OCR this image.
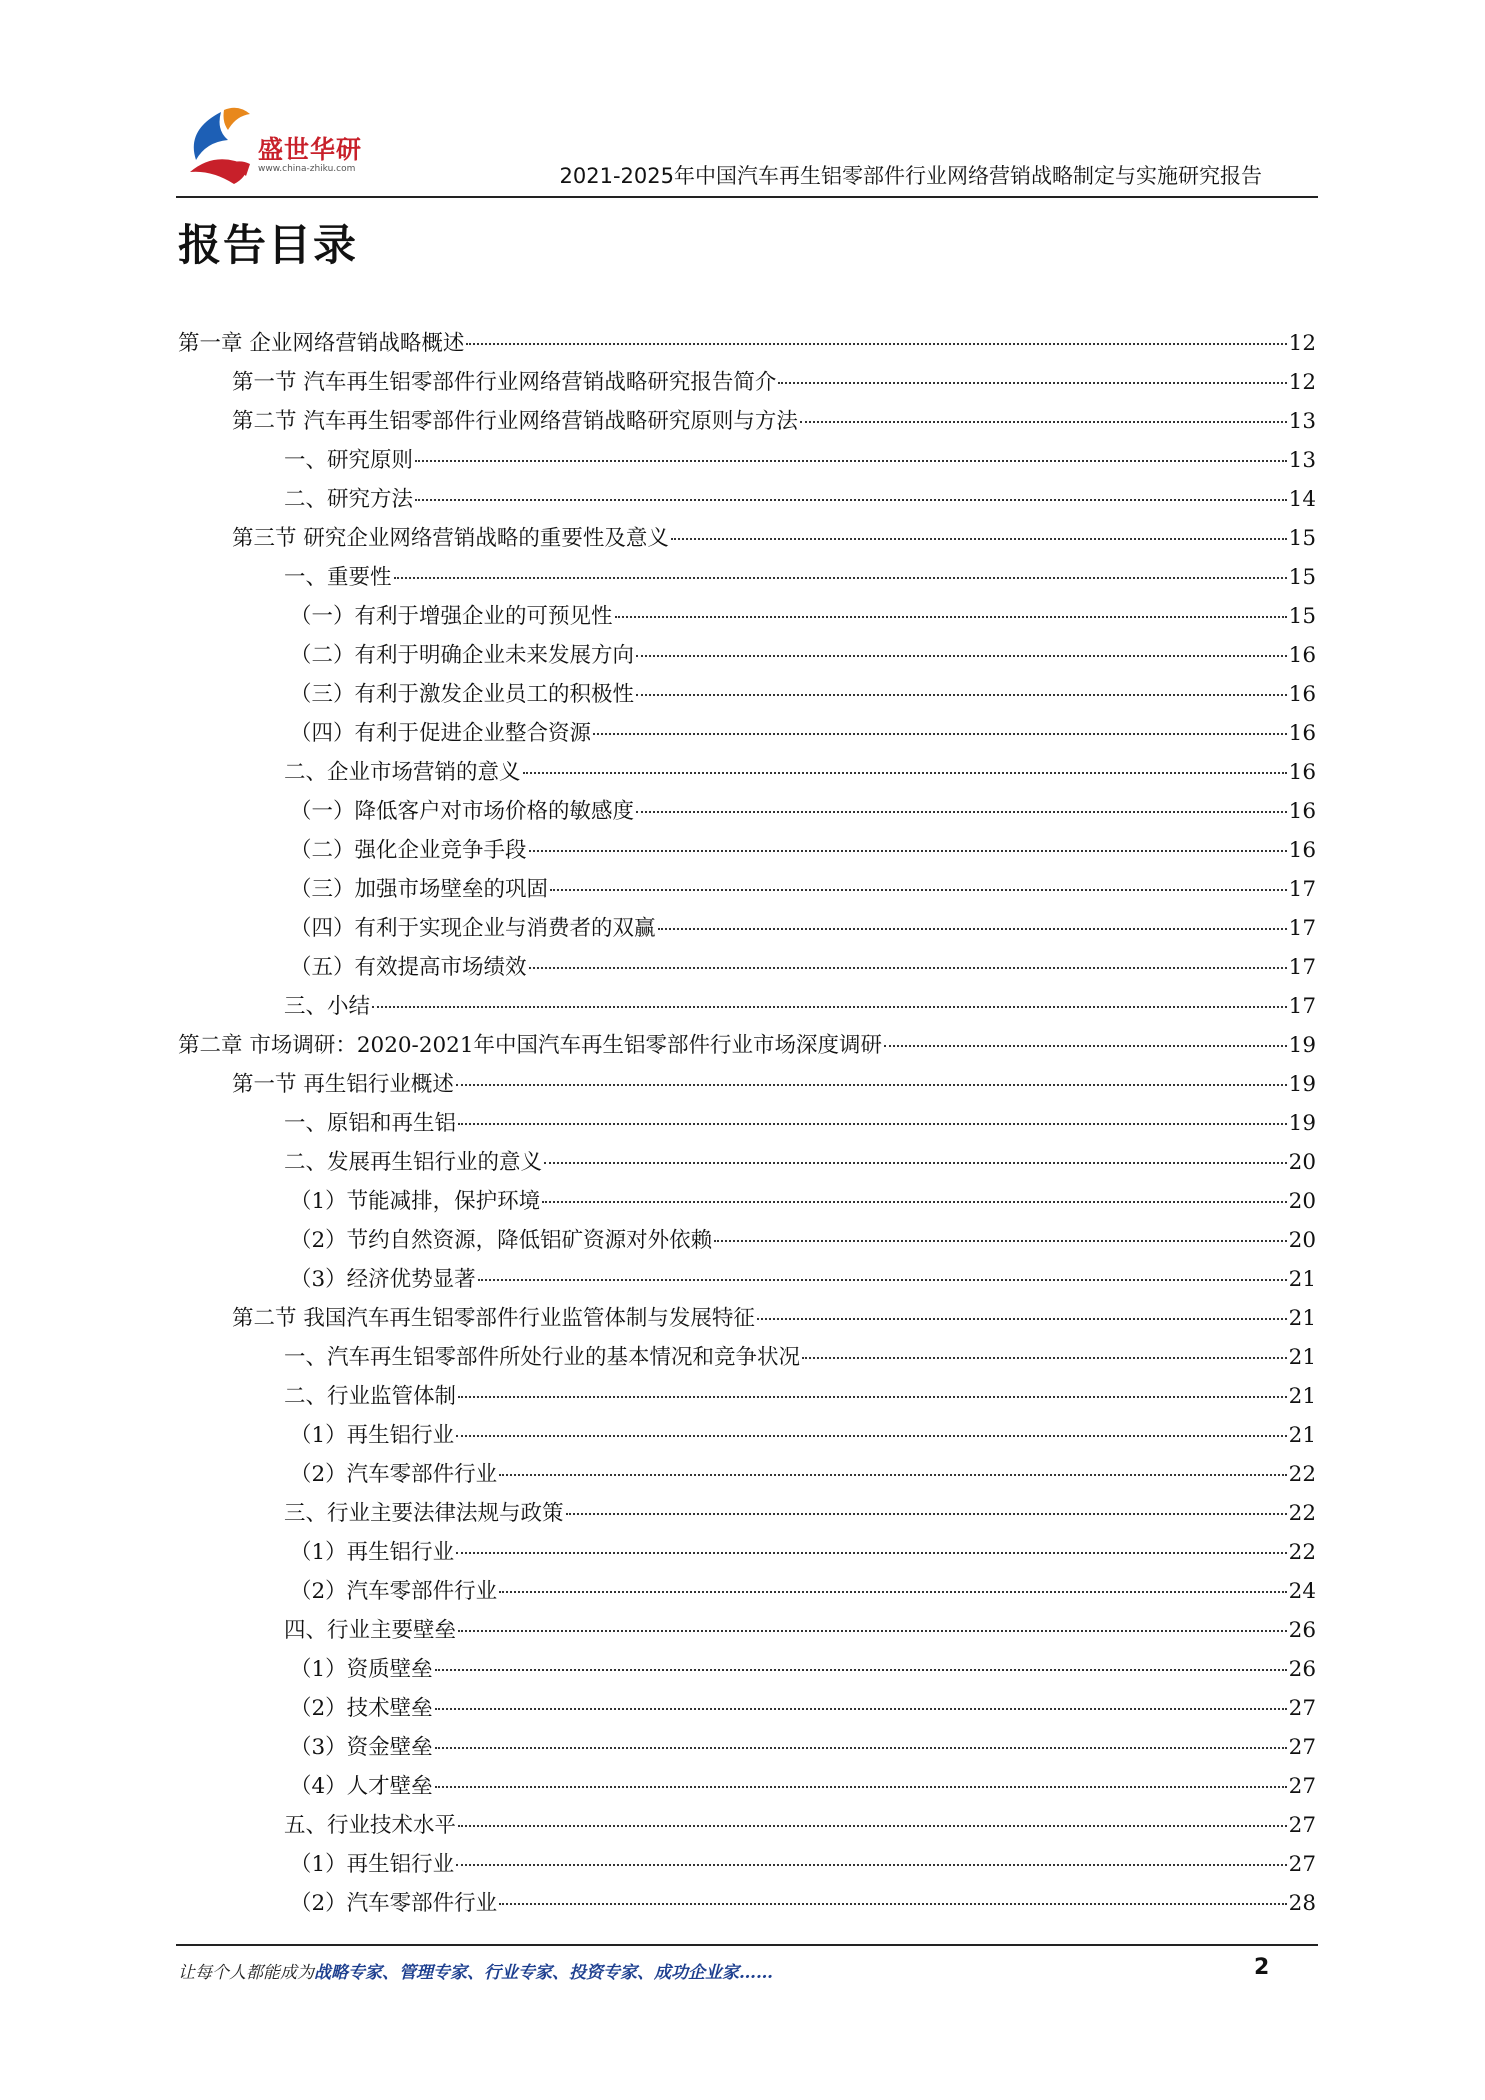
盛世华研
www.china-zhiku.com	2021-2025年中国汽车再生铝零部件行业网络营销战略制定与实施研究报告
报告目录
第一章 企业网络营销战略概述	12
第一节 汽车再生铝零部件行业网络营销战略研究报告简介	12
第二节 汽车再生铝零部件行业网络营销战略研究原则与方法	13
一、研究原则	13
二、研究方法	14
第三节 研究企业网络营销战略的重要性及意义	15
一、重要性	15
（一）有利于增强企业的可预见性	15
（二）有利于明确企业未来发展方向	16
（三）有利于激发企业员工的积极性	16
（四）有利于促进企业整合资源	16
二、企业市场营销的意义	16
（一）降低客户对市场价格的敏感度	16
（二）强化企业竞争手段	16
（三）加强市场壁垒的巩固	17
（四）有利于实现企业与消费者的双赢	17
（五）有效提高市场绩效	17
三、小结	17
第二章 市场调研：2020-2021年中国汽车再生铝零部件行业市场深度调研	19
第一节 再生铝行业概述	19
一、原铝和再生铝	19
二、发展再生铝行业的意义	20
（1）节能减排，保护环境	20
（2）节约自然资源，降低铝矿资源对外依赖	20
（3）经济优势显著	21
第二节 我国汽车再生铝零部件行业监管体制与发展特征	21
一、汽车再生铝零部件所处行业的基本情况和竞争状况	21
二、行业监管体制	21
（1）再生铝行业	21
（2）汽车零部件行业	22
三、行业主要法律法规与政策	22
（1）再生铝行业	22
（2）汽车零部件行业	24
四、行业主要壁垒	26
（1）资质壁垒	26
（2）技术壁垒	27
（3）资金壁垒	27
（4）人才壁垒	27
五、行业技术水平	27
（1）再生铝行业	27
（2）汽车零部件行业	28
让每个人都能成为战略专家、管理专家、行业专家、投资专家、成功企业家……	2
